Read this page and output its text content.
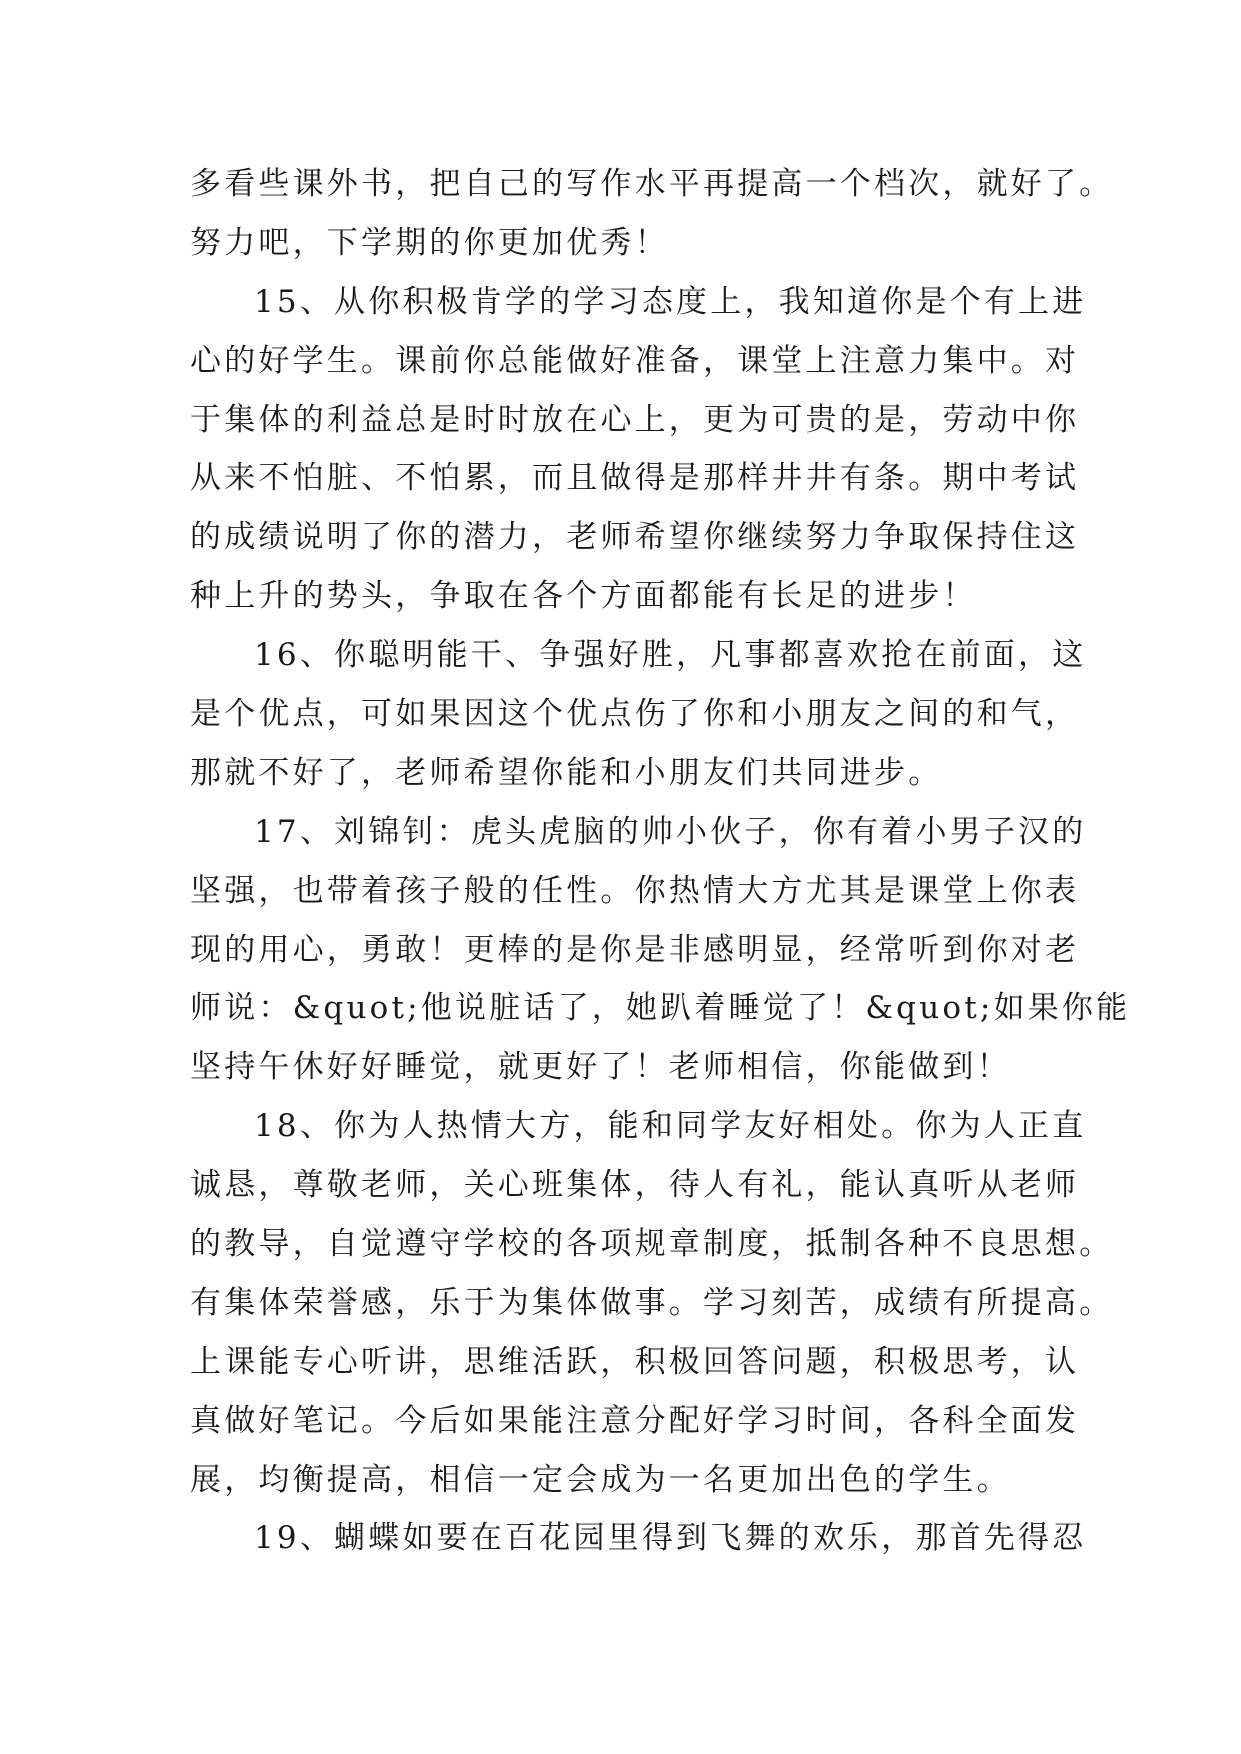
多看些课外书，把自己的写作水平再提高一个档次，就好了。
努力吧，下学期的你更加优秀！
15、从你积极肯学的学习态度上，我知道你是个有上进
心的好学生。课前你总能做好准备，课堂上注意力集中。对
于集体的利益总是时时放在心上，更为可贵的是，劳动中你
从来不怕脏、不怕累，而且做得是那样井井有条。期中考试
的成绩说明了你的潜力，老师希望你继续努力争取保持住这
种上升的势头，争取在各个方面都能有长足的进步！
16、你聪明能干、争强好胜，凡事都喜欢抢在前面，这
是个优点，可如果因这个优点伤了你和小朋友之间的和气，
那就不好了，老师希望你能和小朋友们共同进步。
17、刘锦钊：虎头虎脑的帅小伙子，你有着小男子汉的
坚强，也带着孩子般的任性。你热情大方尤其是课堂上你表
现的用心，勇敢！更棒的是你是非感明显，经常听到你对老
师说：&quot;他说脏话了，她趴着睡觉了！&quot;如果你能
坚持午休好好睡觉，就更好了！老师相信，你能做到！
18、你为人热情大方，能和同学友好相处。你为人正直
诚恳，尊敬老师，关心班集体，待人有礼，能认真听从老师
的教导，自觉遵守学校的各项规章制度，抵制各种不良思想。
有集体荣誉感，乐于为集体做事。学习刻苦，成绩有所提高。
上课能专心听讲，思维活跃，积极回答问题，积极思考，认
真做好笔记。今后如果能注意分配好学习时间，各科全面发
展，均衡提高，相信一定会成为一名更加出色的学生。
19、蝴蝶如要在百花园里得到飞舞的欢乐，那首先得忍
